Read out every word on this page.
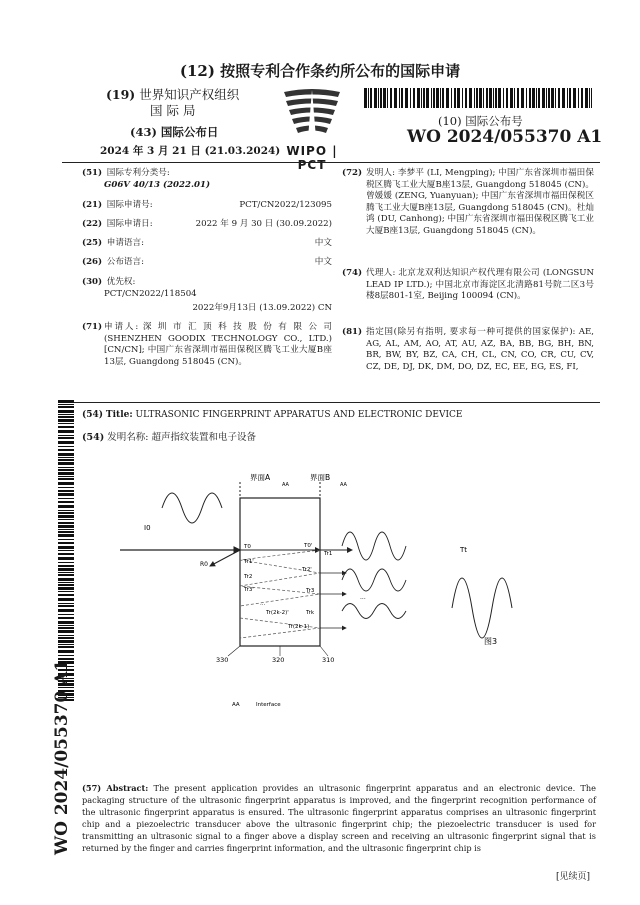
(12) 按照专利合作条约所公布的国际申请
(19) 世界知识产权组织
国 际 局
(43) 国际公布日
2024 年 3 月 21 日 (21.03.2024) WIPO | PCT
(10) 国际公布号
WO 2024/055370 A1
(51) 国际专利分类号:
G06V 40/13 (2022.01)
(21) 国际申请号:	PCT/CN2022/123095
(22) 国际申请日:	2022 年 9 月 30 日 (30.09.2022)
(25) 申请语言:	中文
(26) 公布语言:	中文
(30) 优先权:
PCT/CN2022/118504

2022年9月13日 (13.09.2022) CN
(71) 申请人: 深 圳 市 汇 顶 科 技 股 份 有 限 公 司 (SHENZHEN GOODIX TECHNOLOGY CO., LTD.) [CN/CN]; 中国广东省深圳市福田保税区腾飞工业大厦B座13层, Guangdong 518045 (CN)。
(72) 发明人: 李梦平 (LI, Mengping); 中国广东省深圳市福田保税区腾飞工业大厦B座13层, Guangdong 518045 (CN)。曾媛媛 (ZENG, Yuanyuan); 中国广东省深圳市福田保税区腾飞工业大厦B座13层, Guangdong 518045 (CN)。杜灿鸿 (DU, Canhong); 中国广东省深圳市福田保税区腾飞工业大厦B座13层, Guangdong 518045 (CN)。
(74) 代理人: 北京龙双利达知识产权代理有限公司 (LONGSUN LEAD IP LTD.); 中国北京市海淀区北清路81号院二区3号楼8层801-1室, Beijing 100094 (CN)。
(81) 指定国(除另有指明, 要求每一种可提供的国家保护): AE, AG, AL, AM, AO, AT, AU, AZ, BA, BB, BG, BH, BN, BR, BW, BY, BZ, CA, CH, CL, CN, CO, CR, CU, CV, CZ, DE, DJ, DK, DM, DO, DZ, EC, EE, EG, ES, FI,
WO 2024/055370 A1
(54) Title: ULTRASONIC FINGERPRINT APPARATUS AND ELECTRONIC DEVICE
(54) 发明名称: 超声指纹装置和电子设备
界面A
AA
界面B
AA
I0
R0
T0	T0'
Tr1
Tr1'
Tr2'
Tr2
Tr3'	Tr3
...
...
Tr(2k-2)'	Trk
Tr(2k-1)
Tt
图3
330	320	310
AA	Interface
(57) Abstract: The present application provides an ultrasonic fingerprint apparatus and an electronic device. The packaging structure of the ultrasonic fingerprint apparatus is improved, and the fingerprint recognition performance of the ultrasonic fingerprint apparatus is ensured. The ultrasonic fingerprint apparatus comprises an ultrasonic fingerprint chip and a piezoelectric transducer above the ultrasonic fingerprint chip; the piezoelectric transducer is used for transmitting an ultrasonic signal to a finger above a display screen and receiving an ultrasonic fingerprint signal that is returned by the finger and carries fingerprint information, and the ultrasonic fingerprint chip is
[见续页]
